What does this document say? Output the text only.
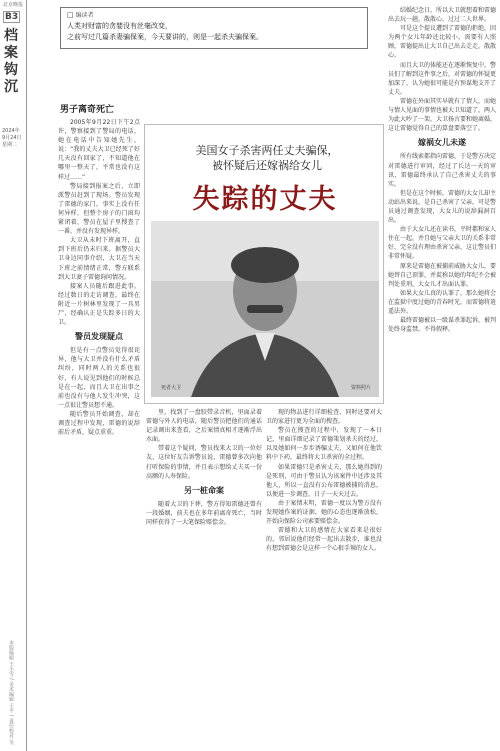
北京晚报
B3
档案钩沉
2024年
9月24日
星期二
本版编辑 王小雪 / 美术编辑 王平 / 责任校对 吴
□ 编读者
人类对财富的贪婪没有丝毫改变，
之前写过几篇杀妻骗保案，今天要讲的，则是一起杀夫骗保案。
男子离奇死亡

2005年9月22日下午2点许，警察接到了警局的电话，她在电话中告知她先生，说：“我的丈夫大卫已经死了好几天没有回家了，不知道他在哪里一整天了，平常也没有这样过……”

警局接到报案之后，立即派警员赶到了现场。警员发现了雷德的家门，事实上没有任何异样，但整个房子的门窗均紧闭着，警员在屋子里搜查了一番，并没有发现异样。

大卫从未时下班离开，直到下班后仍未归来。据警员大卫身边同事介绍，大卫在当天下班之前情绪正常，警方联系到大卫妻子雷德询问情况。

接案人员随后跟进此事，经过数日的走访调查，最终在附近一片树林里发现了一具男尸，经确认正是失踪多日的大卫。

警员发现疑点

但是有一点警员觉得很诧异，他与大卫并没有什么矛盾纠纷，同时两人的关系也很好，有人说见到他们的时候总是在一起，而且大卫在出事之前也没有与他人发生冲突，这一点很让警员想不通。

随后警员开始调查，却在调查过程中发现，雷德的说辞前后矛盾，疑点重重。

美国女子杀害两任丈夫骗保，
被怀疑后还嫁祸给女儿
失踪的丈夫
死者大卫	资料照片

里，找到了一盘胶带录音机，里面录着雷德与外人的电话，随后警员把他们的通话记录调出来查看，之后案情真相才逐渐浮出水面。

带着这个疑问，警员找来大卫的一位好友，这位好友告诉警员说，雷德曾多次向他打听保险的事情，并且表示想给丈夫买一份高额的人寿保险。

另一桩命案

随着大卫的下葬，警方得知雷德还曾有一段婚姻，前夫也在多年前离奇死亡，当时同样获得了一大笔保险赔偿金。

现的物品进行详细检查，同时还要对大卫的家进行更为全面的搜查。

警员在搜查的过程中，发现了一本日记，里面详细记录了雷德策划杀夫的经过，以及她如何一步步诱骗丈夫，又如何在他饮料中下药，最终将大卫杀害的全过程。

如果雷德只是杀害丈夫，那么她得到的是死刑，可由于警员认为该案件中还涉及其他人，所以一直没有公布雷德被捕的消息，以便进一步调查，日子一天天过去。

由于案情未明，雷德一度以为警方没有发现她作案的证据，她的心态也逐渐放松，开始向保险公司索要赔偿金。

雷德和大卫的感情在大家看来是很好的，邻居说他们经常一起出去散步，谁也没有想到雷德会是这样一个心狠手辣的女人。

结婚纪念日，所以大卫就想着和雷德出去玩一趟，散散心，过过二人世界。

可是这个提议遭到了雷德的拒绝，因为两个女儿年龄还比较小，需要有人照顾，雷德提出让大卫自己出去走走，散散心。

而且大卫的体能还在逐渐恢复中，警员们了解到这件事之后，对雷德的怀疑更加深了，认为她很可能是有预谋地支开了丈夫。

雷德在外面其实早就有了情人，而她与情人见面的事情也被大卫知道了，两人为此大吵了一架，大卫扬言要和她离婚，这让雷德觉得自己的算盘要落空了。

嫁祸女儿未遂

所有线索都指向雷德，于是警方决定对雷德进行审问，经过了长达一天的审讯，雷德最终承认了自己杀害丈夫的事实。

但是在这个时候，雷德的大女儿却主动站出来说，是自己杀害了父亲，可是警员通过调查发现，大女儿的说辞漏洞百出。

由于大女儿还在读书，平时都和家人住在一起，并且她与父亲大卫的关系非常好，完全没有理由杀害父亲，这让警员们非常怀疑。

原来是雷德在被捕前威胁大女儿，要她替自己顶罪，并谎称以她的年纪不会被判处重刑，大女儿才出面认罪。

如果大女儿真的认罪了，那么她将会在监狱中度过她的青春时光，而雷德将逍遥法外。

最终雷德被以一级谋杀罪起诉，被判处终身监禁，不得假释。
